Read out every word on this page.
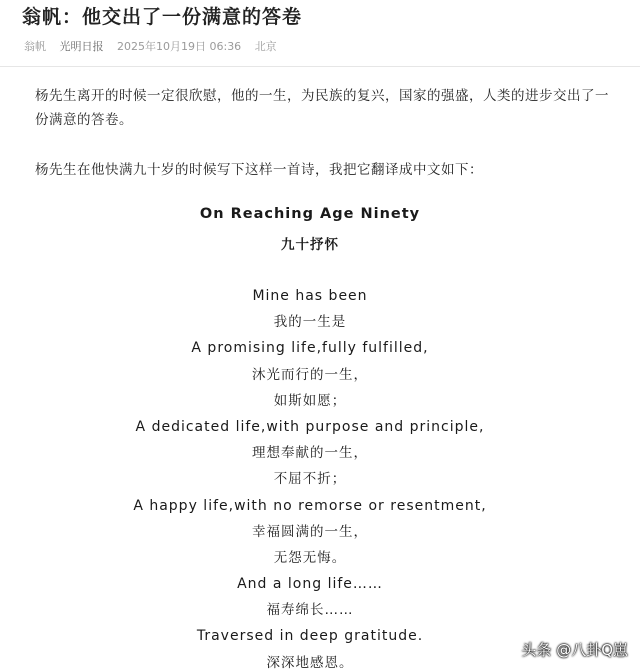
翁帆：他交出了一份满意的答卷
翁帆 光明日报 2025年10月19日 06:36 北京
杨先生离开的时候一定很欣慰，他的一生，为民族的复兴，国家的强盛，人类的进步交出了一份满意的答卷。
杨先生在他快满九十岁的时候写下这样一首诗，我把它翻译成中文如下：
On Reaching Age Ninety
九十抒怀
Mine has been
我的一生是
A promising life,fully fulfilled,
沐光而行的一生，
如斯如愿；
A dedicated life,with purpose and principle,
理想奉献的一生，
不屈不折；
A happy life,with no remorse or resentment,
幸福圆满的一生，
无怨无悔。
And a long life……
福寿绵长……
Traversed in deep gratitude.
深深地感恩。
头条 @八卦Q崽
